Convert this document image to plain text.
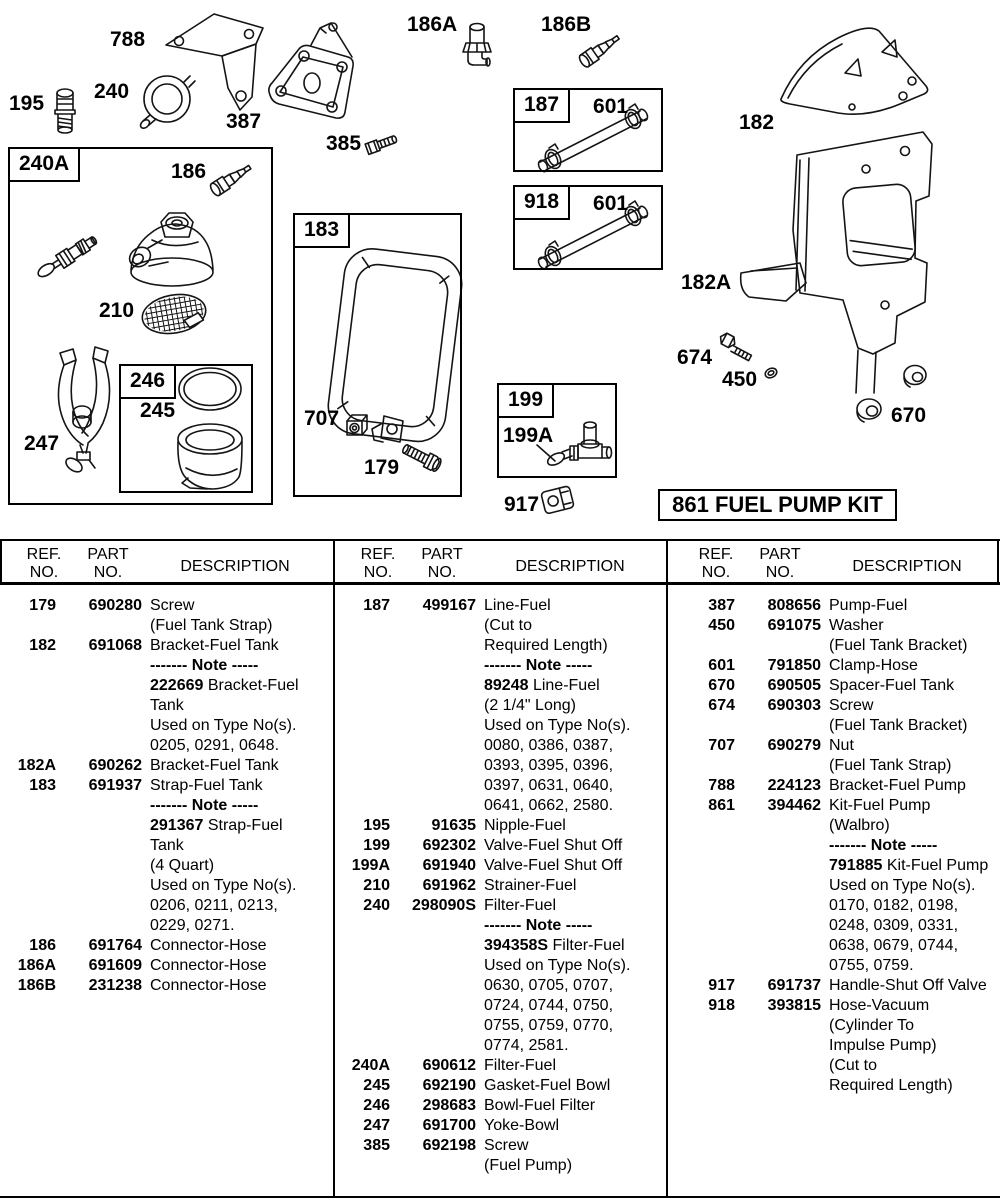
788
195
240
387
385
186A	186B
182
182A
674
450
670
186
210
245
247
707
179
199A
917
240A
183
187	601
918	601
199
246
861 FUEL PUMP KIT
REF.
NO.
PART
NO.	DESCRIPTION
REF.
NO.
PART
NO.	DESCRIPTION
REF.
NO.
PART
NO.	DESCRIPTION
179	690280 Screw
(Fuel Tank Strap)
182	691068 Bracket-Fuel Tank
------- Note -----
222669 Bracket-Fuel
Tank
Used on Type No(s).
0205, 0291, 0648.
182A	690262 Bracket-Fuel Tank
183	691937 Strap-Fuel Tank
------- Note -----
291367 Strap-Fuel
Tank
(4 Quart)
Used on Type No(s).
0206, 0211, 0213,
0229, 0271.
186	691764 Connector-Hose
186A	691609 Connector-Hose
186B	231238 Connector-Hose
187	499167 Line-Fuel
(Cut to
Required Length)
------- Note -----
89248 Line-Fuel
(2 1/4" Long)
Used on Type No(s).
0080, 0386, 0387,
0393, 0395, 0396,
0397, 0631, 0640,
0641, 0662, 2580.
195	91635 Nipple-Fuel
199	692302 Valve-Fuel Shut Off
199A	691940 Valve-Fuel Shut Off
210	691962 Strainer-Fuel
240	298090S Filter-Fuel
------- Note -----
394358S Filter-Fuel
Used on Type No(s).
0630, 0705, 0707,
0724, 0744, 0750,
0755, 0759, 0770,
0774, 2581.
240A	690612 Filter-Fuel
245	692190 Gasket-Fuel Bowl
246	298683 Bowl-Fuel Filter
247	691700 Yoke-Bowl
385	692198 Screw
(Fuel Pump)
387	808656 Pump-Fuel
450	691075 Washer
(Fuel Tank Bracket)
601	791850 Clamp-Hose
670	690505 Spacer-Fuel Tank
674	690303 Screw
(Fuel Tank Bracket)
707	690279 Nut
(Fuel Tank Strap)
788	224123 Bracket-Fuel Pump
861	394462 Kit-Fuel Pump
(Walbro)
------- Note -----
791885 Kit-Fuel Pump
Used on Type No(s).
0170, 0182, 0198,
0248, 0309, 0331,
0638, 0679, 0744,
0755, 0759.
917	691737 Handle-Shut Off Valve
918	393815 Hose-Vacuum
(Cylinder To
Impulse Pump)
(Cut to
Required Length)
